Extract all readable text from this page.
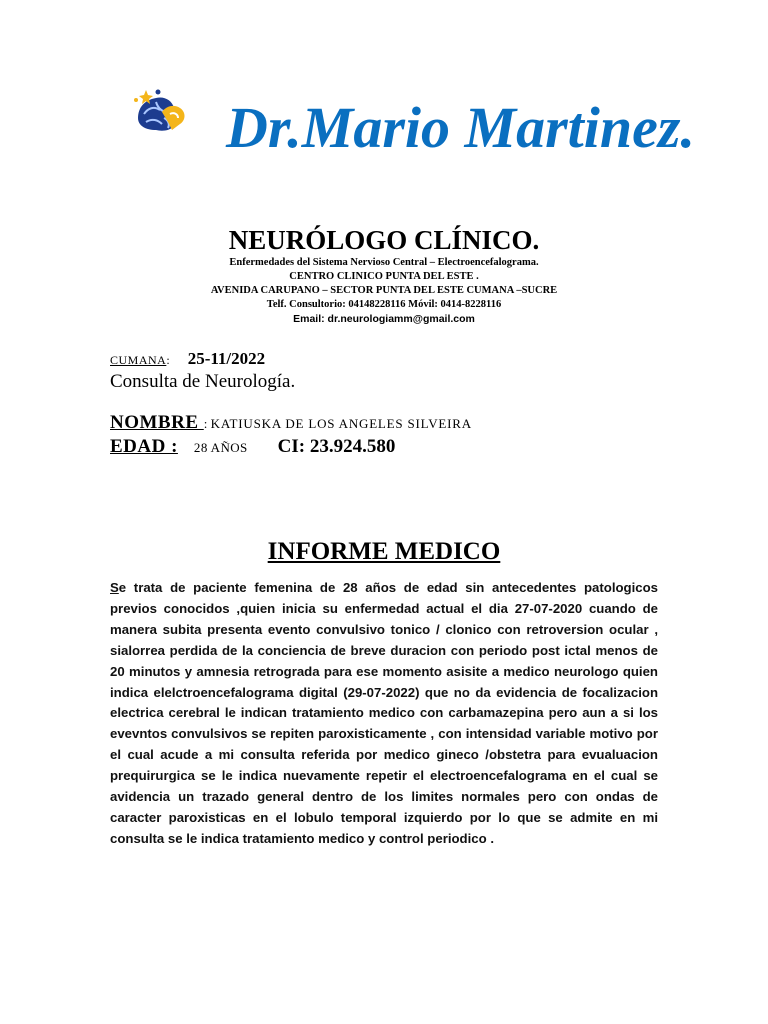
Dr.Mario Martinez.
NEURÓLOGO CLÍNICO.
Enfermedades del Sistema Nervioso Central – Electroencefalograma.
CENTRO CLINICO PUNTA DEL ESTE .
AVENIDA CARUPANO – SECTOR PUNTA DEL ESTE CUMANA –SUCRE
Telf. Consultorio: 04148228116 Móvil: 0414-8228116
Email: dr.neurologiamm@gmail.com
CUMANA: 25-11/2022
Consulta de Neurología.
NOMBRE : KATIUSKA DE LOS ANGELES SILVEIRA
EDAD : 28 AÑOS CI: 23.924.580
INFORME MEDICO

Se trata de paciente femenina de 28 años de edad sin antecedentes patologicos previos conocidos ,quien inicia su enfermedad actual el dia 27-07-2020 cuando de manera subita presenta evento convulsivo tonico / clonico con retroversion ocular , sialorrea perdida de la conciencia de breve duracion con periodo post ictal menos de 20 minutos y amnesia retrograda para ese momento asisite a medico neurologo quien indica elelctroencefalograma digital (29-07-2022) que no da evidencia de focalizacion electrica cerebral le indican tratamiento medico con carbamazepina pero aun a si los evevntos convulsivos se repiten paroxisticamente , con intensidad variable motivo por el cual acude a mi consulta referida por medico gineco /obstetra para evualuacion prequirurgica se le indica nuevamente repetir el electroencefalograma en el cual se avidencia un trazado general dentro de los limites normales pero con ondas de caracter paroxisticas en el lobulo temporal izquierdo por lo que se admite en mi consulta se le indica tratamiento medico y control periodico .
